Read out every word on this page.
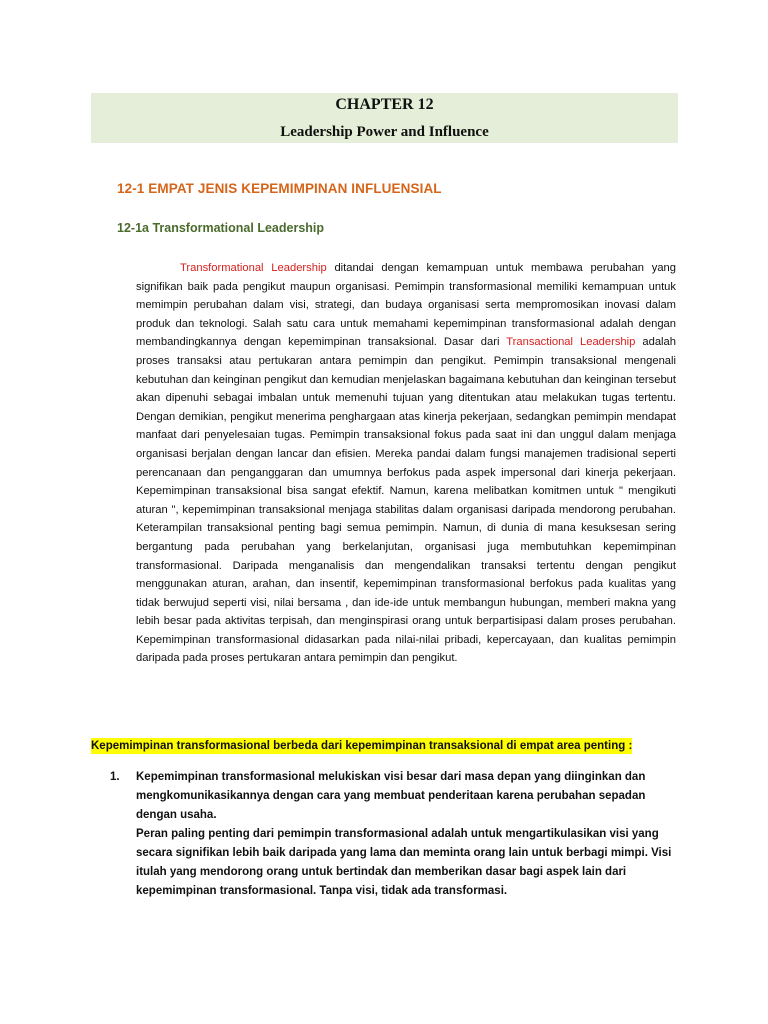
CHAPTER 12

Leadership Power and Influence

12-1 EMPAT JENIS KEPEMIMPINAN INFLUENSIAL
12-1a Transformational Leadership

Transformational Leadership ditandai dengan kemampuan untuk membawa perubahan yang signifikan baik pada pengikut maupun organisasi. Pemimpin transformasional memiliki kemampuan untuk memimpin perubahan dalam visi, strategi, dan budaya organisasi serta mempromosikan inovasi dalam produk dan teknologi. Salah satu cara untuk memahami kepemimpinan transformasional adalah dengan membandingkannya dengan kepemimpinan transaksional. Dasar dari Transactional Leadership adalah proses transaksi atau pertukaran antara pemimpin dan pengikut. Pemimpin transaksional mengenali kebutuhan dan keinginan pengikut dan kemudian menjelaskan bagaimana kebutuhan dan keinginan tersebut akan dipenuhi sebagai imbalan untuk memenuhi tujuan yang ditentukan atau melakukan tugas tertentu. Dengan demikian, pengikut menerima penghargaan atas kinerja pekerjaan, sedangkan pemimpin mendapat manfaat dari penyelesaian tugas. Pemimpin transaksional fokus pada saat ini dan unggul dalam menjaga organisasi berjalan dengan lancar dan efisien. Mereka pandai dalam fungsi manajemen tradisional seperti perencanaan dan penganggaran dan umumnya berfokus pada aspek impersonal dari kinerja pekerjaan. Kepemimpinan transaksional bisa sangat efektif. Namun, karena melibatkan komitmen untuk " mengikuti aturan ", kepemimpinan transaksional menjaga stabilitas dalam organisasi daripada mendorong perubahan. Keterampilan transaksional penting bagi semua pemimpin. Namun, di dunia di mana kesuksesan sering bergantung pada perubahan yang berkelanjutan, organisasi juga membutuhkan kepemimpinan transformasional. Daripada menganalisis dan mengendalikan transaksi tertentu dengan pengikut menggunakan aturan, arahan, dan insentif, kepemimpinan transformasional berfokus pada kualitas yang tidak berwujud seperti visi, nilai bersama , dan ide-ide untuk membangun hubungan, memberi makna yang lebih besar pada aktivitas terpisah, dan menginspirasi orang untuk berpartisipasi dalam proses perubahan. Kepemimpinan transformasional didasarkan pada nilai-nilai pribadi, kepercayaan, dan kualitas pemimpin daripada pada proses pertukaran antara pemimpin dan pengikut.

Kepemimpinan transformasional berbeda dari kepemimpinan transaksional di empat area penting :

1.	Kepemimpinan transformasional melukiskan visi besar dari masa depan yang diinginkan dan mengkomunikasikannya dengan cara yang membuat penderitaan karena perubahan sepadan dengan usaha.

Peran paling penting dari pemimpin transformasional adalah untuk mengartikulasikan visi yang secara signifikan lebih baik daripada yang lama dan meminta orang lain untuk berbagi mimpi. Visi itulah yang mendorong orang untuk bertindak dan memberikan dasar bagi aspek lain dari kepemimpinan transformasional. Tanpa visi, tidak ada transformasi.
